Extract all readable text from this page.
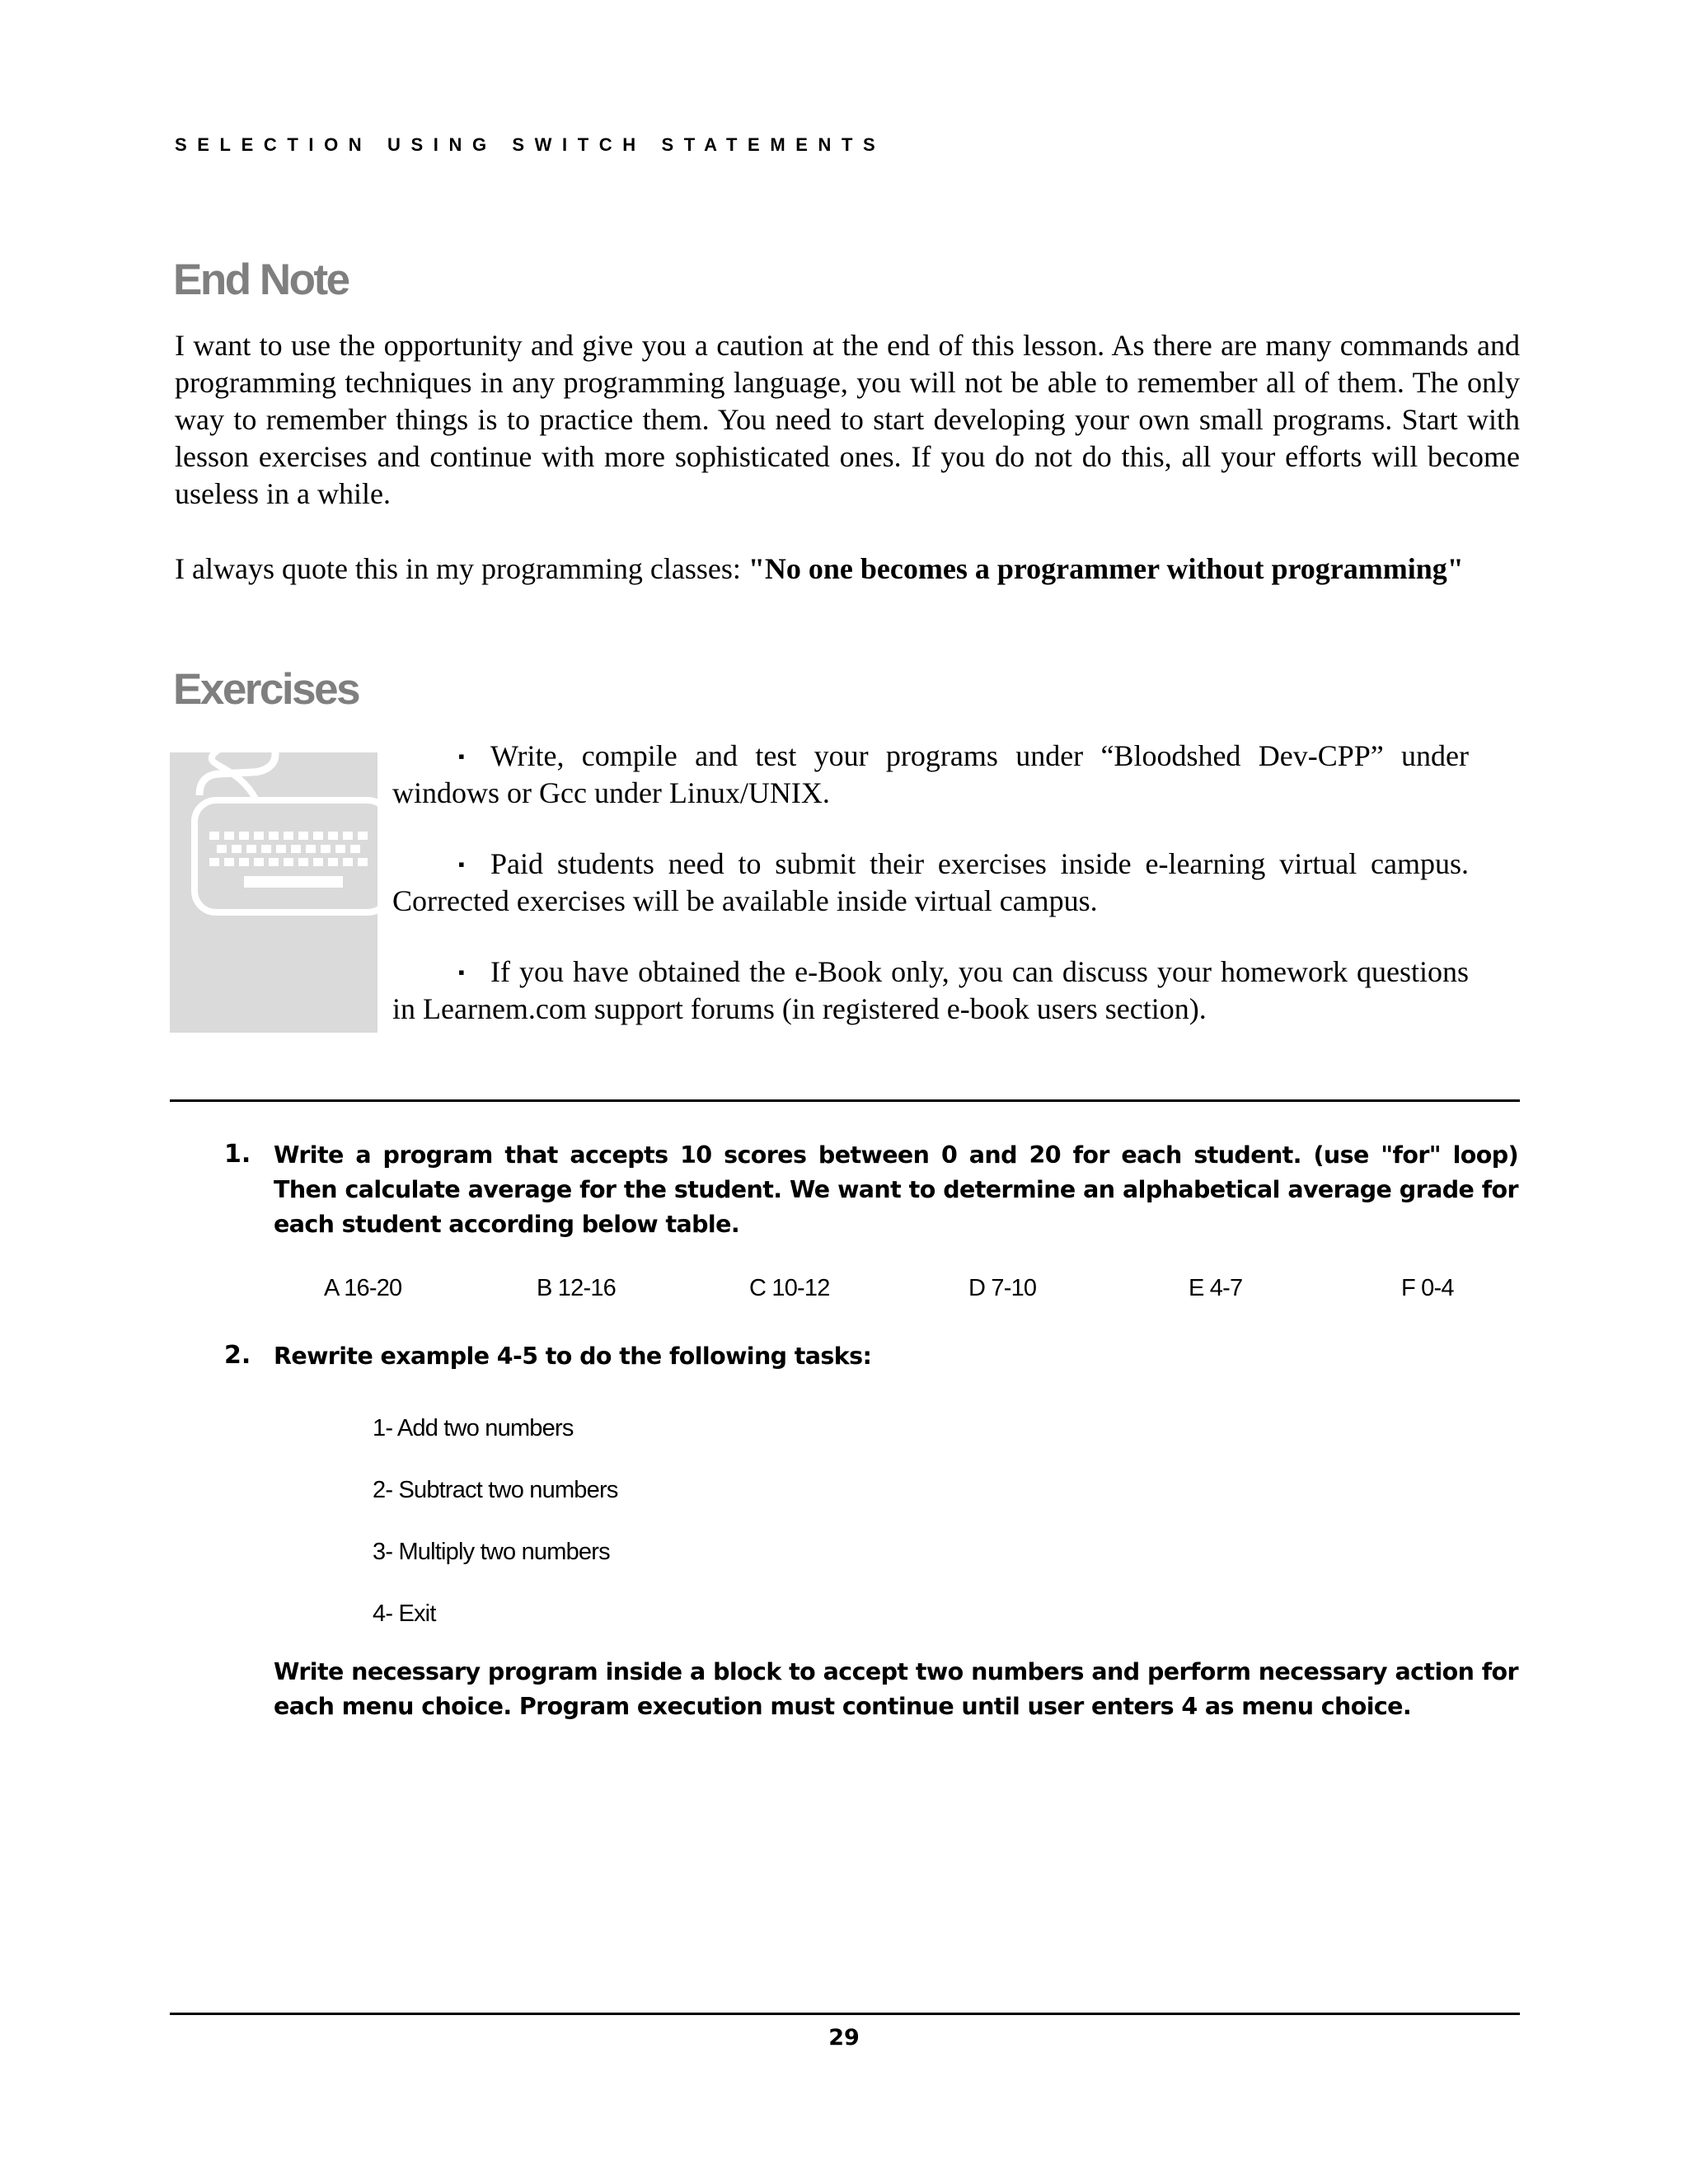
SELECTION USING SWITCH STATEMENTS
End Note

I want to use the opportunity and give you a caution at the end of this lesson. As there are many commands and programming techniques in any programming language, you will not be able to remember all of them. The only way to remember things is to practice them. You need to start developing your own small programs. Start with lesson exercises and continue with more sophisticated ones. If you do not do this, all your efforts will become useless in a while.

I always quote this in my programming classes: "No one becomes a programmer without programming"

Exercises
▪ Write, compile and test your programs under “Bloodshed Dev-CPP” under windows or Gcc under Linux/UNIX.
▪ Paid students need to submit their exercises inside e-learning virtual campus. Corrected exercises will be available inside virtual campus.
▪ If you have obtained the e-Book only, you can discuss your homework questions in Learnem.com support forums (in registered e-book users section).
1. Write a program that accepts 10 scores between 0 and 20 for each student. (use "for" loop) Then calculate average for the student. We want to determine an alphabetical average grade for each student according below table.

A 16-20	B 12-16	C 10-12	D 7-10	E 4-7	F 0-4
2. Rewrite example 4-5 to do the following tasks:

1- Add two numbers
2- Subtract two numbers
3- Multiply two numbers
4- Exit

Write necessary program inside a block to accept two numbers and perform necessary action for each menu choice. Program execution must continue until user enters 4 as menu choice.

29
